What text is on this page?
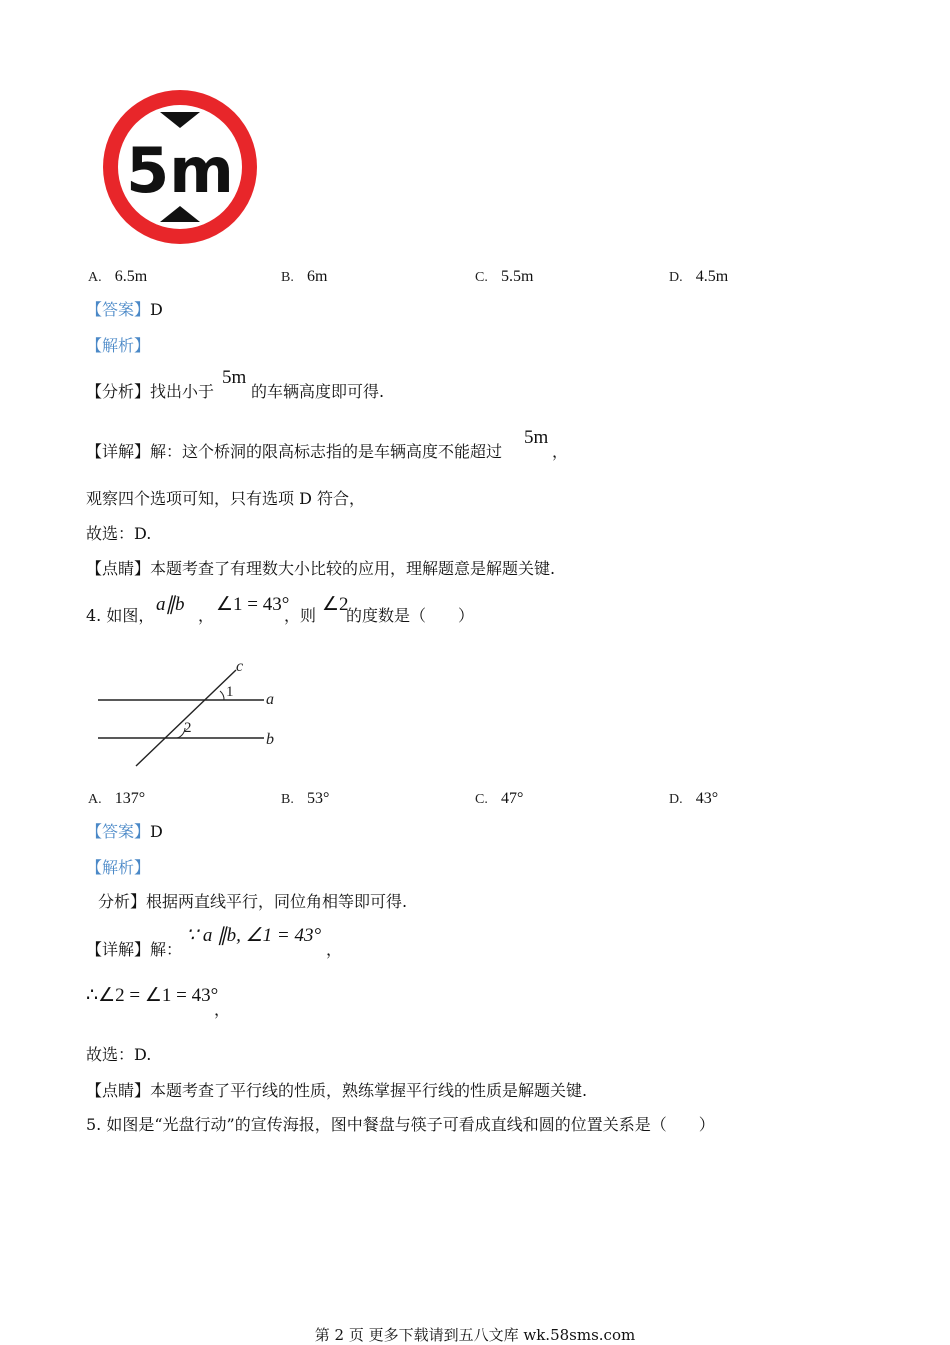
5m
A. 6.5m	B. 6m	C. 5.5m	D. 4.5m
【答案】D
【解析】
【分析】找出小于
5m
的车辆高度即可得.
【详解】解：这个桥洞的限高标志指的是车辆高度不能超过
5m
，
观察四个选项可知，只有选项 D 符合，
故选：D.
【点睛】本题考查了有理数大小比较的应用，理解题意是解题关键.
4. 如图，
a∥b
，
∠1 = 43°
，则
∠2
的度数是（　　）
c
1 a
2
b
A. 137°	B. 53°	C. 47°	D. 43°
【答案】D
【解析】
分析】根据两直线平行，同位角相等即可得.
【详解】解：
∵ a ∥b, ∠1 = 43°
，
∴∠2 = ∠1 = 43°
，
故选：D.
【点睛】本题考查了平行线的性质，熟练掌握平行线的性质是解题关键.
5. 如图是“光盘行动”的宣传海报，图中餐盘与筷子可看成直线和圆的位置关系是（　　）
第 2 页 更多下载请到五八文库 wk.58sms.com
